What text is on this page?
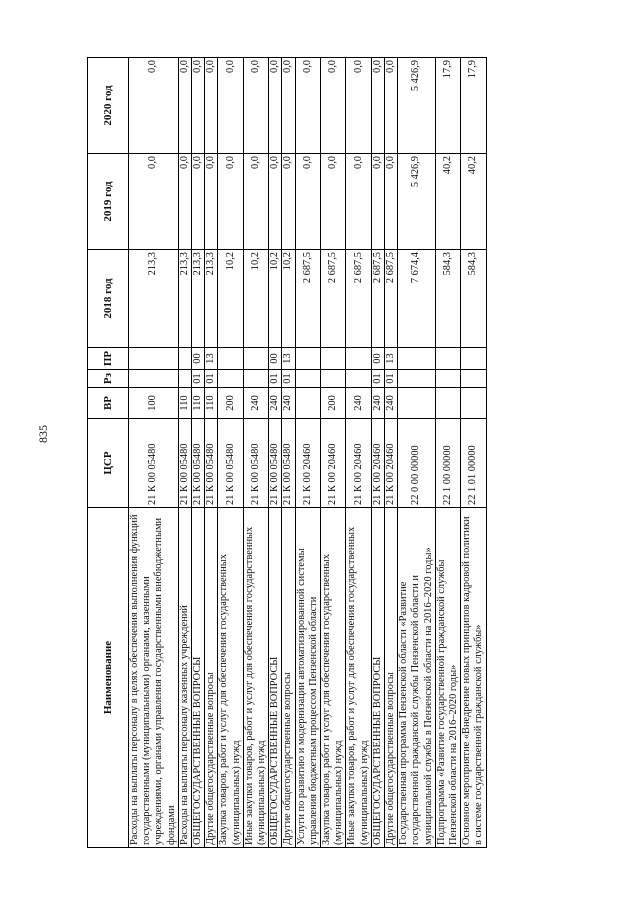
835
Наименование	ЦСР	ВР	Рз	ПР	2018 год	2019 год	2020 год
Расходы на выплаты персоналу в целях обеспечения выполнения функций государственными (муниципальными) органами, казенными учреждениями, органами управления государственными внебюджетными фондами	21 К 00 05480	100			213,3	0,0	0,0
Расходы на выплаты персоналу казенных учреждений	21 К 00 05480	110			213,3	0,0	0,0
ОБЩЕГОСУДАРСТВЕННЫЕ ВОПРОСЫ	21 К 00 05480	110	01	00	213,3	0,0	0,0
Другие общегосударственные вопросы	21 К 00 05480	110	01	13	213,3	0,0	0,0
Закупка товаров, работ и услуг для обеспечения государственных (муниципальных) нужд	21 К 00 05480	200			10,2	0,0	0,0
Иные закупки товаров, работ и услуг для обеспечения государственных (муниципальных) нужд	21 К 00 05480	240			10,2	0,0	0,0
ОБЩЕГОСУДАРСТВЕННЫЕ ВОПРОСЫ	21 К 00 05480	240	01	00	10,2	0,0	0,0
Другие общегосударственные вопросы	21 К 00 05480	240	01	13	10,2	0,0	0,0
Услуги по развитию и модернизации автоматизированной системы управления бюджетным процессом Пензенской области	21 К 00 20460				2 687,5	0,0	0,0
Закупка товаров, работ и услуг для обеспечения государственных (муниципальных) нужд	21 К 00 20460	200			2 687,5	0,0	0,0
Иные закупки товаров, работ и услуг для обеспечения государственных (муниципальных) нужд	21 К 00 20460	240			2 687,5	0,0	0,0
ОБЩЕГОСУДАРСТВЕННЫЕ ВОПРОСЫ	21 К 00 20460	240	01	00	2 687,5	0,0	0,0
Другие общегосударственные вопросы	21 К 00 20460	240	01	13	2 687,5	0,0	0,0
Государственная программа Пензенской области «Развитие государственной гражданской службы Пензенской области и муниципальной службы в Пензенской области на 2016–2020 годы»	22 0 00 00000				7 674,4	5 426,9	5 426,9
Подпрограмма «Развитие государственной гражданской службы Пензенской области на 2016–2020 годы»	22 1 00 00000				584,3	40,2	17,9
Основное мероприятие «Внедрение новых принципов кадровой политики в системе государственной гражданской службы»	22 1 01 00000				584,3	40,2	17,9
